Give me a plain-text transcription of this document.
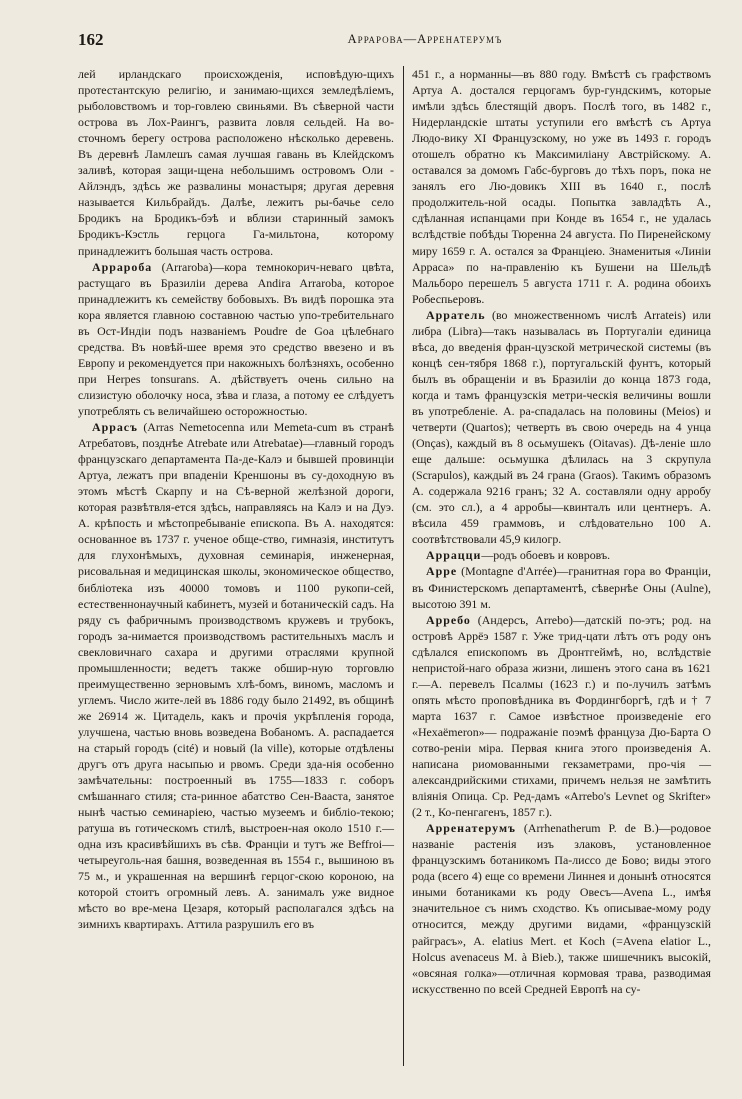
162	Аррарова—Арренатерумъ

лей ирландскаго происхожденія, исповѣдую-щихъ протестантскую религію, и занимаю-щихся земледѣліемъ, рыболовствомъ и тор-говлею свиньями. Въ сѣверной части острова въ Лох-Раингъ, развита ловля сельдей. На во-сточномъ берегу острова расположено нѣсколько деревень. Въ деревнѣ Ламлешъ самая лучшая гавань въ Клейдскомъ заливѣ, которая защи-щена небольшимъ островомъ Оли - Айлэндъ, здѣсь же развалины монастыря; другая деревня называется Кильбрайдъ. Далѣе, лежитъ ры-бачье село Бродикъ на Бродикъ-бэѣ и вблизи старинный замокъ Бродикъ-Кэстль герцога Га-мильтона, которому принадлежитъ большая часть острова.

Аррароба (Arraroba)—кора темнокорич-неваго цвѣта, растущаго въ Бразиліи дерева Andira Arraroba, которое принадлежитъ къ семейству бобовыхъ. Въ видѣ порошка эта кора является главною составною частью упо-требительнаго въ Ост-Индіи подъ названіемъ Poudre de Goa цѣлебнаго средства. Въ новѣй-шее время это средство ввезено и въ Европу и рекомендуется при накожныхъ болѣзняхъ, особенно при Herpes tonsurans. А. дѣйствуетъ очень сильно на слизистую оболочку носа, зѣва и глаза, а потому ее слѣдуетъ употреблять съ величайшею осторожностью.

Аррасъ (Arras Nemetocenna или Memeta-cum въ странѣ Атребатовъ, позднѣе Atrebate или Atrebatae)—главный городъ французскаго департамента Па-де-Калэ и бывшей провинціи Артуа, лежатъ при впаденіи Креншоны въ су-доходную въ этомъ мѣстѣ Скарпу и на Сѣ-верной желѣзной дороги, которая развѣтвля-ется здѣсь, направляясь на Калэ и на Дуэ. А. крѣпость и мѣстопребываніе епископа. Въ А. находятся: основанное въ 1737 г. ученое обще-ство, гимназія, институтъ для глухонѣмыхъ, духовная семинарія, инженерная, рисовальная и медицинская школы, экономическое общество, библіотека изъ 40000 томовъ и 1100 рукопи-сей, естественнонаучный кабинетъ, музей и ботаническій садъ. На ряду съ фабричнымъ производствомъ кружевъ и трубокъ, городъ за-нимается производствомъ растительныхъ маслъ и свекловичнаго сахара и другими отраслями крупной промышленности; ведетъ также обшир-ную торговлю преимущественно зерновымъ хлѣ-бомъ, виномъ, масломъ и углемъ. Число жите-лей въ 1886 году было 21492, въ общинѣ же 26914 ж. Цитадель, какъ и прочія укрѣпленія города, улучшена, частью вновь возведена Вобаномъ. А. распадается на старый городъ (cité) и новый (la ville), которые отдѣлены другъ отъ друга насыпью и рвомъ. Среди зда-нія особенно замѣчательны: построенный въ 1755—1833 г. соборъ смѣшаннаго стиля; ста-ринное абатство Сен-Вааста, занятое нынѣ частью семинаріею, частью музеемъ и библіо-текою; ратуша въ готическомъ стилѣ, выстроен-ная около 1510 г.—одна изъ красивѣйшихъ въ сѣв. Франціи и тутъ же Beffroi—четыреуголь-ная башня, возведенная въ 1554 г., вышиною въ 75 м., и украшенная на вершинѣ герцог-скою короною, на которой стоитъ огромный левъ. А. занималъ уже видное мѣсто во вре-мена Цезаря, который располагался здѣсь на зимнихъ квартирахъ. Аттила разрушилъ его въ

451 г., а норманны—въ 880 году. Вмѣстѣ съ графствомъ Артуа А. достался герцогамъ бур-гундскимъ, которые имѣли здѣсь блестящій дворъ. Послѣ того, въ 1482 г., Нидерландскіе штаты уступили его вмѣстѣ съ Артуа Людо-вику XI Французскому, но уже въ 1493 г. городъ отошелъ обратно къ Максимиліану Австрійскому. А. оставался за домомъ Габс-бурговъ до тѣхъ поръ, пока не занялъ его Лю-довикъ XIII въ 1640 г., послѣ продолжитель-ной осады. Попытка завладѣть А., сдѣланная испанцами при Конде въ 1654 г., не удалась вслѣдствіе побѣды Тюренна 24 августа. По Пиренейскому миру 1659 г. А. остался за Франціею. Знаменитыя «Линіи Арраса» по на-правленію къ Бушени на Шельдѣ Мальборо перешелъ 5 августа 1711 г. А. родина обоихъ Робеспьеровъ.

Арратель (во множественномъ числѣ Arrateis) или либра (Libra)—такъ называлась въ Португаліи единица вѣса, до введенія фран-цузской метрической системы (въ концѣ сен-тября 1868 г.), португальскій фунтъ, который былъ въ обращеніи и въ Бразиліи до конца 1873 года, когда и тамъ французскія метри-ческія величины вошли въ употребленіе. А. ра-спадалась на половины (Meios) и четверти (Quartos); четверть въ свою очередь на 4 унца (Onças), каждый въ 8 осьмушекъ (Oitavas). Дѣ-леніе шло еще дальше: осьмушка дѣлилась на 3 скрупула (Scrapulos), каждый въ 24 грана (Graos). Такимъ образомъ А. содержала 9216 гранъ; 32 А. составляли одну арробу (см. это сл.), а 4 арробы—квинталъ или центнеръ. А. вѣсила 459 граммовъ, и слѣдовательно 100 А. соотвѣтствовали 45,9 килогр.

Аррацци—родъ обоевъ и ковровъ.

Арре (Montagne d'Arrée)—гранитная гора во Франціи, въ Финистерскомъ департаментѣ, сѣвернѣе Оны (Aulne), высотою 391 м.

Арребо (Андерсъ, Arrebo)—датскій по-этъ; род. на островѣ Аррёэ 1587 г. Уже трид-цати лѣтъ отъ роду онъ сдѣлался епископомъ въ Дронтгеймѣ, но, вслѣдствіе непристой-наго образа жизни, лишенъ этого сана въ 1621 г.—А. перевелъ Псалмы (1623 г.) и по-лучилъ затѣмъ опять мѣсто проповѣдника въ Фордингборгѣ, гдѣ и † 7 марта 1637 г. Самое извѣстное произведеніе его «Hexaëmeron»— подражаніе поэмѣ француза Дю-Барта О сотво-реніи міра. Первая книга этого произведенія А. написана риомованными гекзаметрами, про-чія — александрийскими стихами, причемъ нельзя не замѣтить вліянія Опица. Ср. Ред-дамъ «Arrebo's Levnet og Skrifter» (2 т., Ко-пенгагенъ, 1857 г.).

Арренатерумъ (Arrhenatherum P. de B.)—родовое названіе растенія изъ злаковъ, установленное французскимъ ботаникомъ Па-лиссо де Бово; виды этого рода (всего 4) еще со времени Линнея и донынѣ относятся иными ботаниками къ роду Овесъ—Avena L., имѣя значительное съ нимъ сходство. Къ описывае-мому роду относится, между другими видами, «французскій райграсъ», A. elatius Mert. et Koch (=Avena elatior L., Holcus avenaceus M. à Bieb.), также шишечникъ высокій, «овсяная голка»—отличная кормовая трава, разводимая искусственно по всей Средней Европѣ на су-
